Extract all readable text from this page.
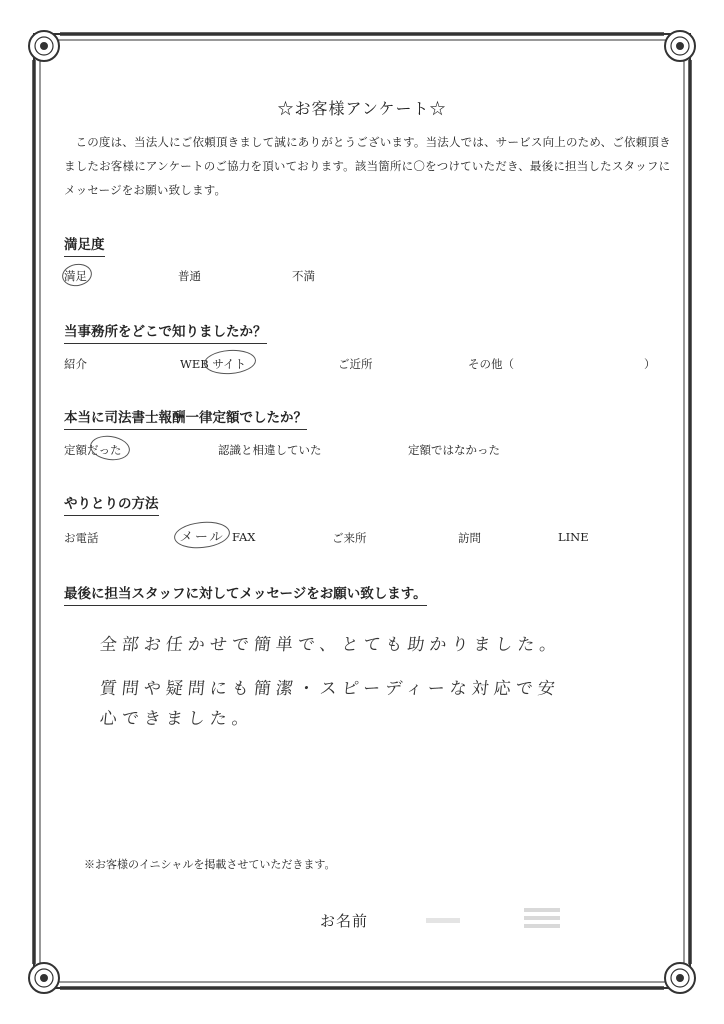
☆お客様アンケート☆
この度は、当法人にご依頼頂きまして誠にありがとうございます。当法人では、サービス向上のため、ご依頼頂きましたお客様にアンケートのご協力を頂いております。該当箇所に〇をつけていただき、最後に担当したスタッフにメッセージをお願い致します。
満足度
満足	普通	不満
当事務所をどこで知りましたか？
紹介	WEB サイト	ご近所	その他（	）
本当に司法書士報酬一律定額でしたか？
定額だった	認識と相違していた	定額ではなかった
やりとりの方法
お電話	メール FAX	ご来所	訪問	LINE
最後に担当スタッフに対してメッセージをお願い致します。
全部お任かせで簡単で、とても助かりました。
質問や疑問にも簡潔・スピーディーな対応で安
心できました。
※お客様のイニシャルを掲載させていただきます。
お名前
